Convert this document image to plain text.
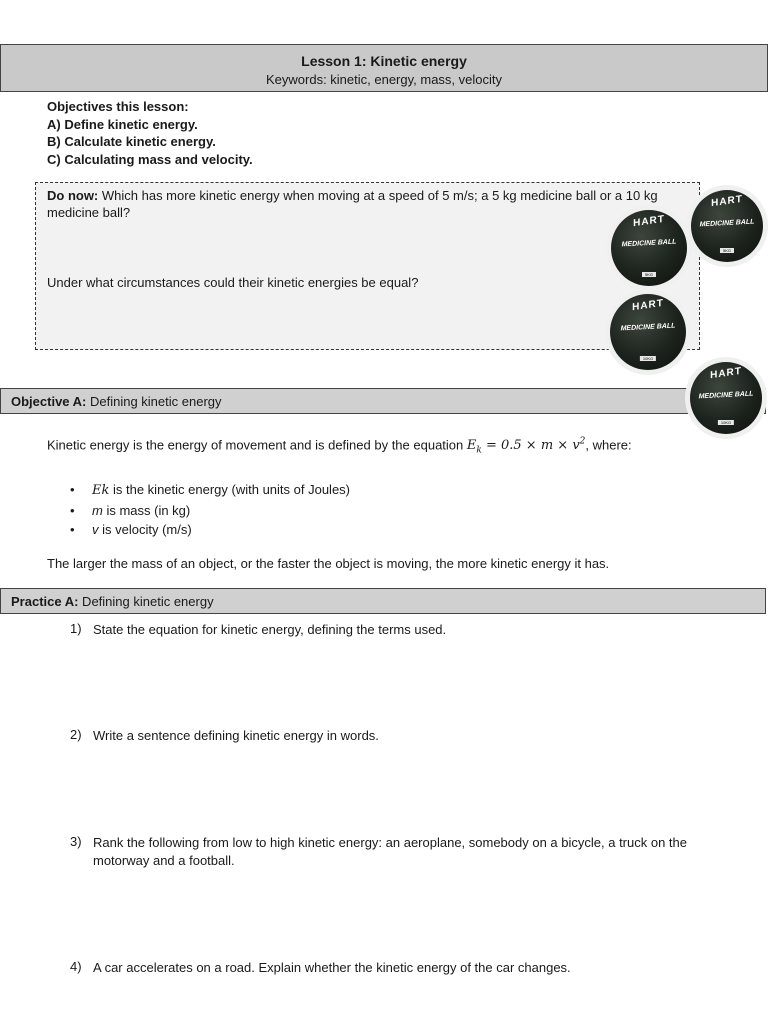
Lesson 1: Kinetic energy
Keywords: kinetic, energy, mass, velocity
Objectives this lesson:
A) Define kinetic energy.
B) Calculate kinetic energy.
C) Calculating mass and velocity.
Do now: Which has more kinetic energy when moving at a speed of 5 m/s; a 5 kg medicine ball or a 10 kg medicine ball?
Under what circumstances could their kinetic energies be equal?
HART
MEDICINE BALL
5KG
HART
MEDICINE BALL
5KG
HART
MEDICINE BALL
10KG
Objective A: Defining kinetic energy
HART
MEDICINE BALL
10KG
Kinetic energy is the energy of movement and is defined by the equation $E_k = 0.5 \times m \times v^2$, where:
• Ek is the kinetic energy (with units of Joules)
• m is mass (in kg)
• v is velocity (m/s)
The larger the mass of an object, or the faster the object is moving, the more kinetic energy it has.
Practice A: Defining kinetic energy
1) State the equation for kinetic energy, defining the terms used.
2) Write a sentence defining kinetic energy in words.
3) Rank the following from low to high kinetic energy: an aeroplane, somebody on a bicycle, a truck on the motorway and a football.
4) A car accelerates on a road. Explain whether the kinetic energy of the car changes.
